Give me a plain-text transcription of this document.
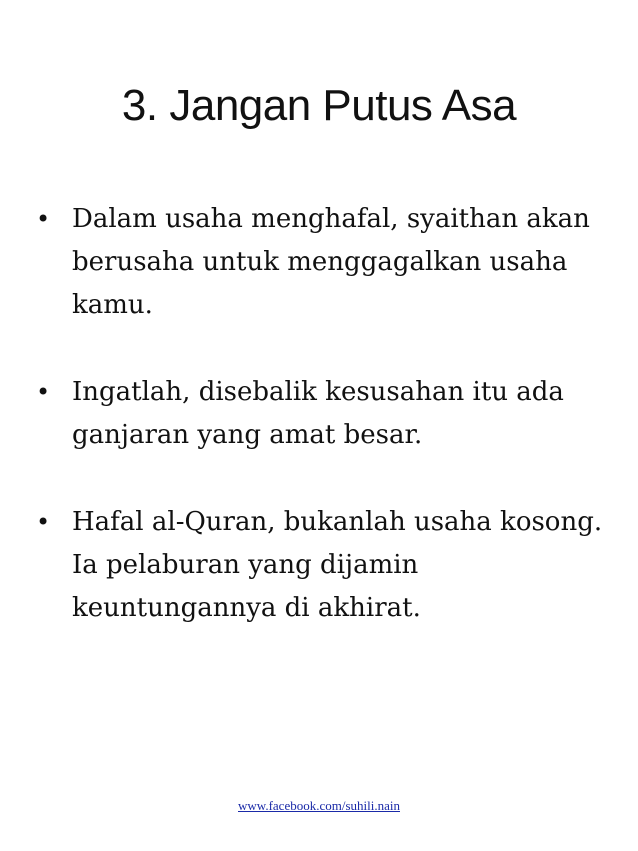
3. Jangan Putus Asa
• Dalam usaha menghafal, syaithan akan berusaha untuk menggagalkan usaha kamu.
• Ingatlah, disebalik kesusahan itu ada ganjaran yang amat besar.
• Hafal al-Quran, bukanlah usaha kosong. Ia pelaburan yang dijamin keuntungannya di akhirat.
www.facebook.com/suhili.nain
